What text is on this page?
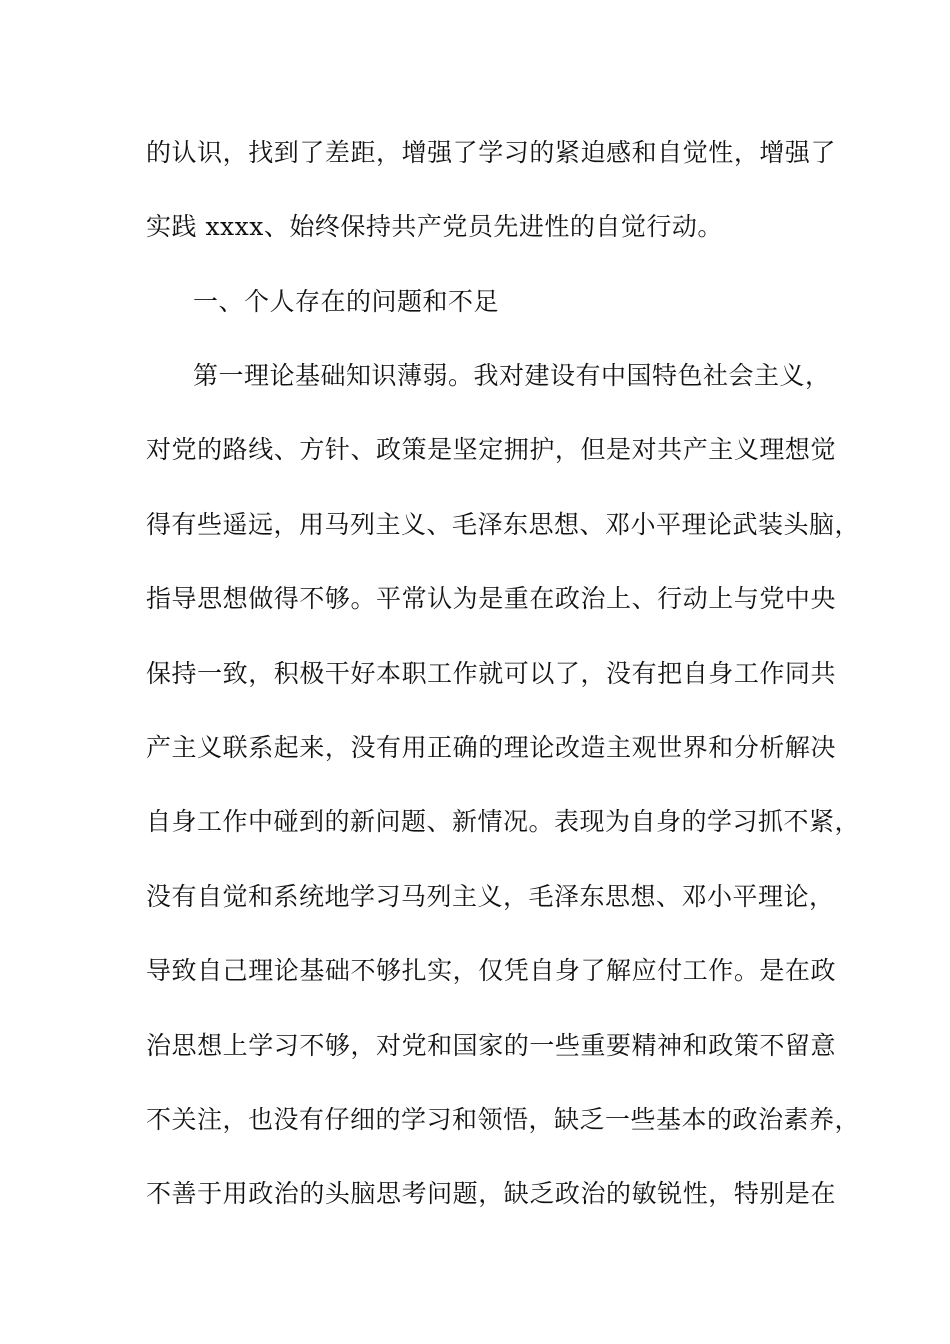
的认识，找到了差距，增强了学习的紧迫感和自觉性，增强了
实践 xxxx、始终保持共产党员先进性的自觉行动。
一、个人存在的问题和不足
第一理论基础知识薄弱。我对建设有中国特色社会主义，
对党的路线、方针、政策是坚定拥护，但是对共产主义理想觉
得有些遥远，用马列主义、毛泽东思想、邓小平理论武装头脑，
指导思想做得不够。平常认为是重在政治上、行动上与党中央
保持一致，积极干好本职工作就可以了，没有把自身工作同共
产主义联系起来，没有用正确的理论改造主观世界和分析解决
自身工作中碰到的新问题、新情况。表现为自身的学习抓不紧，
没有自觉和系统地学习马列主义，毛泽东思想、邓小平理论，
导致自己理论基础不够扎实，仅凭自身了解应付工作。是在政
治思想上学习不够，对党和国家的一些重要精神和政策不留意
不关注，也没有仔细的学习和领悟，缺乏一些基本的政治素养，
不善于用政治的头脑思考问题，缺乏政治的敏锐性，特别是在
